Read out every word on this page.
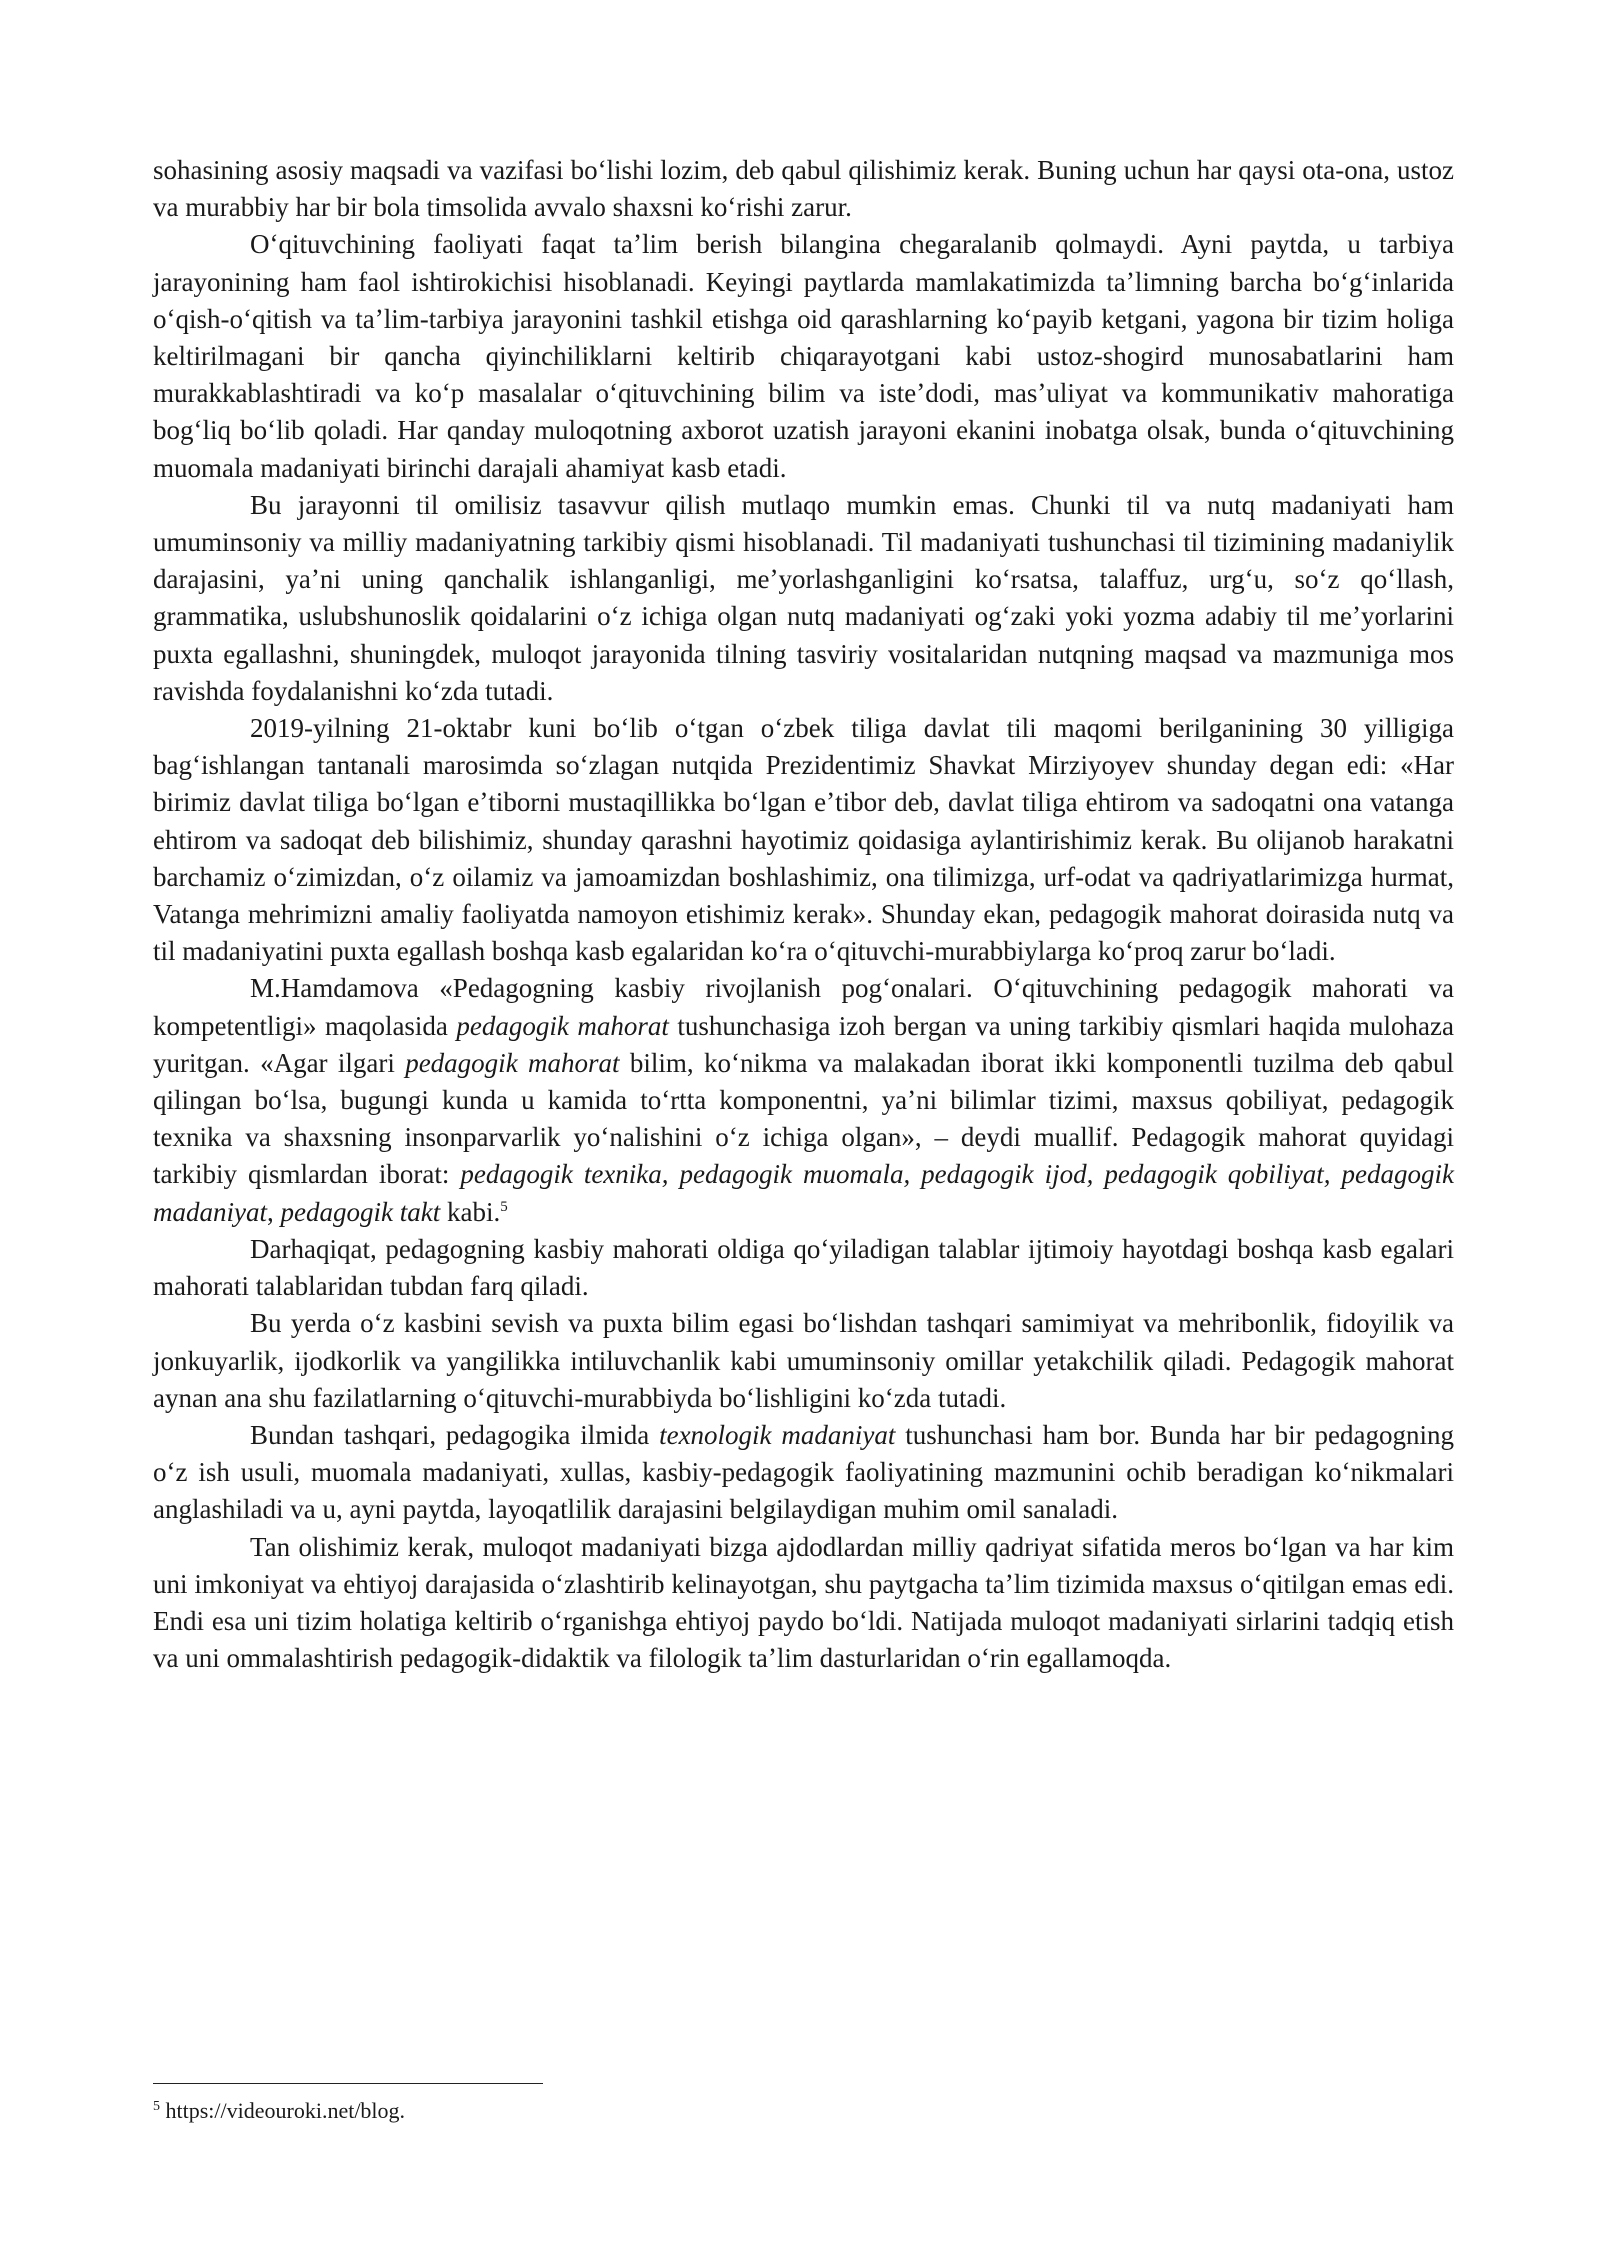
sohasining asosiy maqsadi va vazifasi boʻlishi lozim, deb qabul qilishimiz kerak. Buning uchun har qaysi ota-ona, ustoz va murabbiy har bir bola timsolida avvalo shaxsni koʻrishi zarur.

Oʻqituvchining faoliyati faqat taʼlim berish bilangina chegaralanib qolmaydi. Ayni paytda, u tarbiya jarayonining ham faol ishtirokichisi hisoblanadi. Keyingi paytlarda mamlakatimizda taʼlimning barcha boʻgʻinlarida oʻqish-oʻqitish va taʼlim-tarbiya jarayonini tashkil etishga oid qarashlarning koʻpayib ketgani, yagona bir tizim holiga keltirilmagani bir qancha qiyinchiliklarni keltirib chiqarayotgani kabi ustoz-shogird munosabatlarini ham murakkablashtiradi va koʻp masalalar oʻqituvchining bilim va isteʼdodi, masʼuliyat va kommunikativ mahoratiga bogʻliq boʻlib qoladi. Har qanday muloqotning axborot uzatish jarayoni ekanini inobatga olsak, bunda oʻqituvchining muomala madaniyati birinchi darajali ahamiyat kasb etadi.

Bu jarayonni til omilisiz tasavvur qilish mutlaqo mumkin emas. Chunki til va nutq madaniyati ham umuminsoniy va milliy madaniyatning tarkibiy qismi hisoblanadi. Til madaniyati tushunchasi til tizimining madaniylik darajasini, yaʼni uning qanchalik ishlanganligi, meʼyorlashganligini koʻrsatsa, talaffuz, urgʻu, soʻz qoʻllash, grammatika, uslubshunoslik qoidalarini oʻz ichiga olgan nutq madaniyati ogʻzaki yoki yozma adabiy til meʼyorlarini puxta egallashni, shuningdek, muloqot jarayonida tilning tasviriy vositalaridan nutqning maqsad va mazmuniga mos ravishda foydalanishni koʻzda tutadi.

2019-yilning 21-oktabr kuni boʻlib oʻtgan oʻzbek tiliga davlat tili maqomi berilganining 30 yilligiga bagʻishlangan tantanali marosimda soʻzlagan nutqida Prezidentimiz Shavkat Mirziyoyev shunday degan edi: «Har birimiz davlat tiliga boʻlgan eʼtiborni mustaqillikka boʻlgan eʼtibor deb, davlat tiliga ehtirom va sadoqatni ona vatanga ehtirom va sadoqat deb bilishimiz, shunday qarashni hayotimiz qoidasiga aylantirishimiz kerak. Bu olijanob harakatni barchamiz oʻzimizdan, oʻz oilamiz va jamoamizdan boshlashimiz, ona tilimizga, urf-odat va qadriyatlarimizga hurmat, Vatanga mehrimizni amaliy faoliyatda namoyon etishimiz kerak». Shunday ekan, pedagogik mahorat doirasida nutq va til madaniyatini puxta egallash boshqa kasb egalaridan koʻra oʻqituvchi-murabbiylarga koʻproq zarur boʻladi.

M.Hamdamova «Pedagogning kasbiy rivojlanish pogʻonalari. Oʻqituvchining pedagogik mahorati va kompetentligi» maqolasida pedagogik mahorat tushunchasiga izoh bergan va uning tarkibiy qismlari haqida mulohaza yuritgan. «Agar ilgari pedagogik mahorat bilim, koʻnikma va malakadan iborat ikki komponentli tuzilma deb qabul qilingan boʻlsa, bugungi kunda u kamida toʻrtta komponentni, yaʼni bilimlar tizimi, maxsus qobiliyat, pedagogik texnika va shaxsning insonparvarlik yoʻnalishini oʻz ichiga olgan», – deydi muallif. Pedagogik mahorat quyidagi tarkibiy qismlardan iborat: pedagogik texnika, pedagogik muomala, pedagogik ijod, pedagogik qobiliyat, pedagogik madaniyat, pedagogik takt kabi.$^5$

Darhaqiqat, pedagogning kasbiy mahorati oldiga qoʻyiladigan talablar ijtimoiy hayotdagi boshqa kasb egalari mahorati talablaridan tubdan farq qiladi.

Bu yerda oʻz kasbini sevish va puxta bilim egasi boʻlishdan tashqari samimiyat va mehribonlik, fidoyilik va jonkuyarlik, ijodkorlik va yangilikka intiluvchanlik kabi umuminsoniy omillar yetakchilik qiladi. Pedagogik mahorat aynan ana shu fazilatlarning oʻqituvchi-murabbiyda boʻlishligini koʻzda tutadi.

Bundan tashqari, pedagogika ilmida texnologik madaniyat tushunchasi ham bor. Bunda har bir pedagogning oʻz ish usuli, muomala madaniyati, xullas, kasbiy-pedagogik faoliyatining mazmunini ochib beradigan koʻnikmalari anglashiladi va u, ayni paytda, layoqatlilik darajasini belgilaydigan muhim omil sanaladi.

Tan olishimiz kerak, muloqot madaniyati bizga ajdodlardan milliy qadriyat sifatida meros boʻlgan va har kim uni imkoniyat va ehtiyoj darajasida oʻzlashtirib kelinayotgan, shu paytgacha taʼlim tizimida maxsus oʻqitilgan emas edi. Endi esa uni tizim holatiga keltirib oʻrganishga ehtiyoj paydo boʻldi. Natijada muloqot madaniyati sirlarini tadqiq etish va uni ommalashtirish pedagogik-didaktik va filologik taʼlim dasturlaridan oʻrin egallamoqda.

$^5$ https://videouroki.net/blog.
